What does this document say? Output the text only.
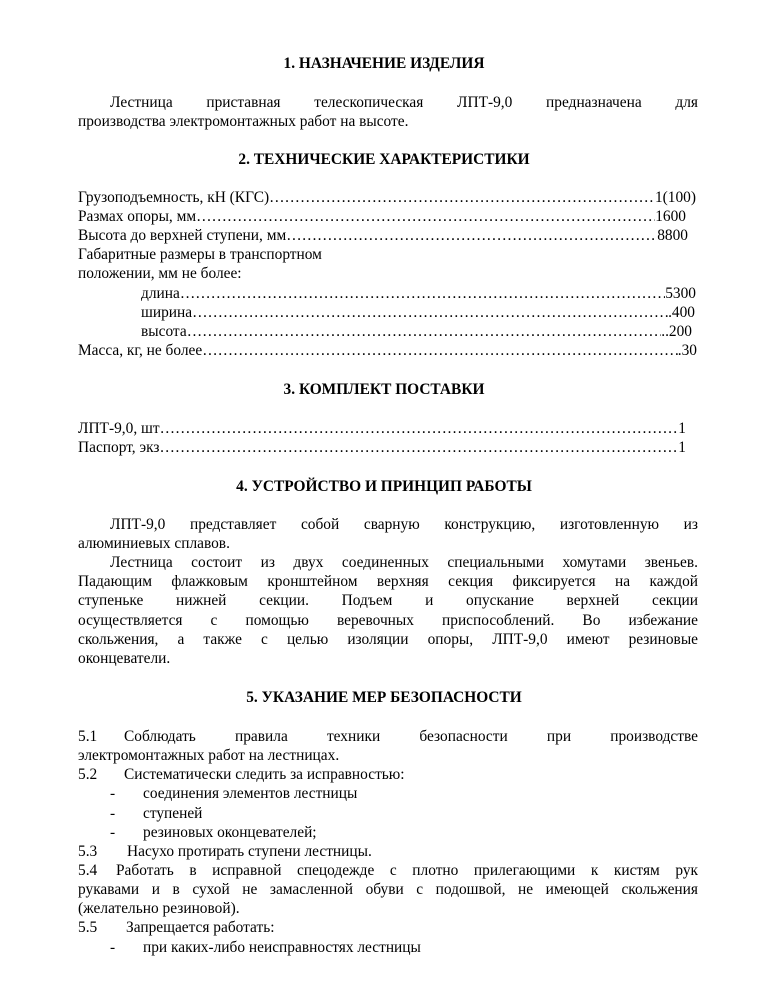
1. НАЗНАЧЕНИЕ ИЗДЕЛИЯ
Лестница приставная телескопическая ЛПТ-9,0 предназначена для
производства электромонтажных работ на высоте.
2. ТЕХНИЧЕСКИЕ ХАРАКТЕРИСТИКИ
Грузоподъемность, кН (КГС) …………………………………………………………………………………………………………………………………………………………………………………………………………	1(100)
Размах опоры, мм …………………………………………………………………………………………………………………………………………………………………………………………………………	1600
Высота до верхней ступени, мм …………………………………………………………………………………………………………………………………………………………………………………………………………	8800
Габаритные размеры в транспортном
положении, мм не более:
длина …………………………………………………………………………………………………………………………………………………………………………………………………………	5300
ширина …………………………………………………………………………………………………………………………………………………………………………………………………………	.400
высота …………………………………………………………………………………………………………………………………………………………………………………………………………	..200
Масса, кг, не более …………………………………………………………………………………………………………………………………………………………………………………………………………	.30
3. КОМПЛЕКТ ПОСТАВКИ
ЛПТ-9,0, шт …………………………………………………………………………………………………………………………………………………………………………………………………………	1
Паспорт, экз …………………………………………………………………………………………………………………………………………………………………………………………………………	1
4. УСТРОЙСТВО И ПРИНЦИП РАБОТЫ
ЛПТ-9,0 представляет собой сварную конструкцию, изготовленную из
алюминиевых сплавов.
Лестница состоит из двух соединенных специальными хомутами звеньев.
Падающим флажковым кронштейном верхняя секция фиксируется на каждой
ступеньке нижней секции. Подъем и опускание верхней секции
осуществляется с помощью веревочных приспособлений. Во избежание
скольжения, а также с целью изоляции опоры, ЛПТ-9,0 имеют резиновые
оконцеватели.
5. УКАЗАНИЕ МЕР БЕЗОПАСНОСТИ
5.1 Соблюдать правила техники безопасности при производстве
электромонтажных работ на лестницах.
5.2 Систематически следить за исправностью:
- соединения элементов лестницы
- ступеней
- резиновых оконцевателей;
5.3 Насухо протирать ступени лестницы.
5.4 Работать в исправной спецодежде с плотно прилегающими к кистям рук
рукавами и в сухой не замасленной обуви с подошвой, не имеющей скольжения
(желательно резиновой).
5.5 Запрещается работать:
- при каких-либо неисправностях лестницы
